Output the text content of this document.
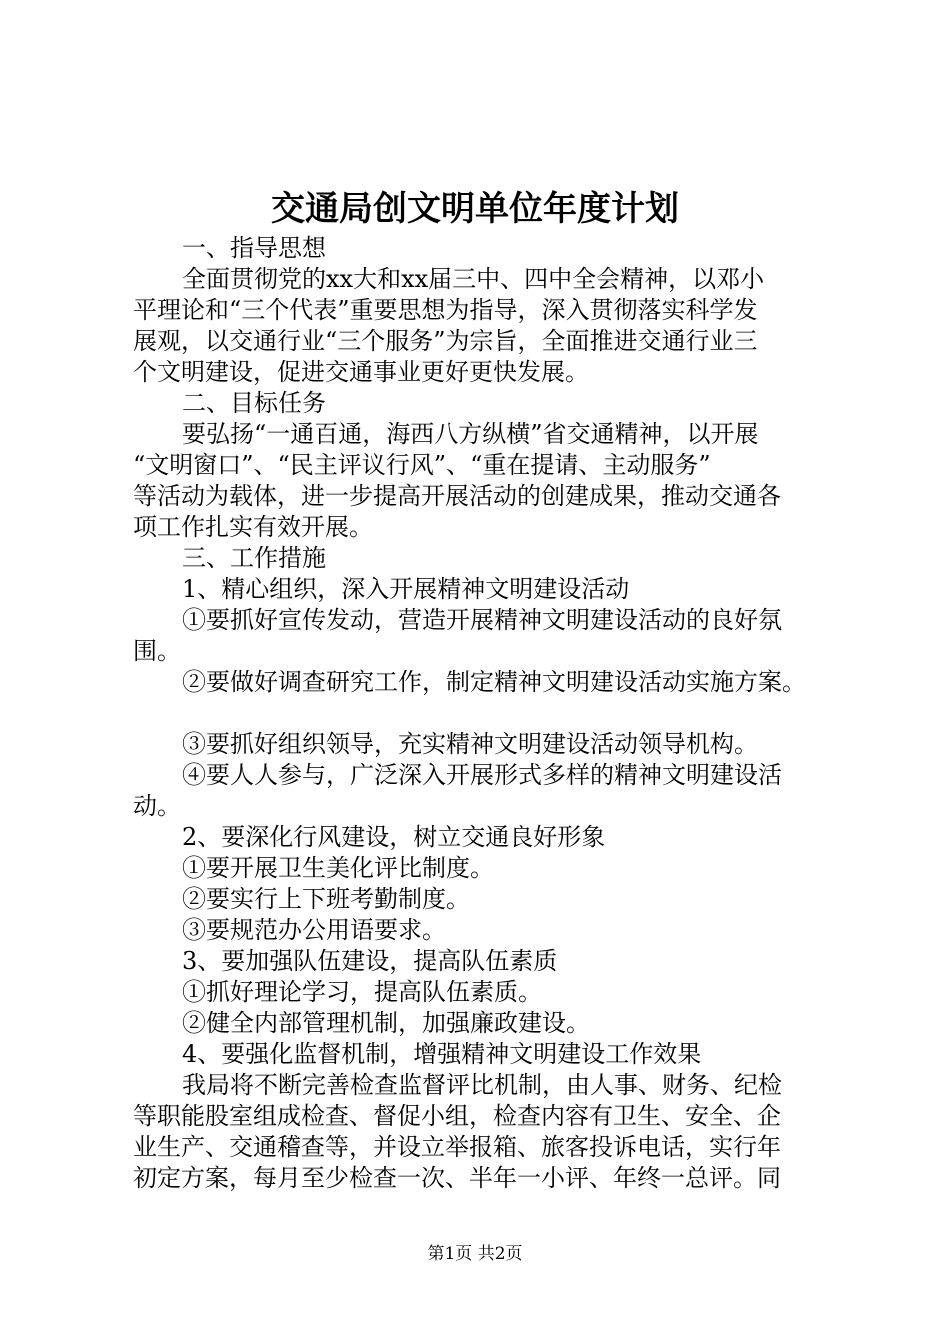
交通局创文明单位年度计划
一、指导思想
全面贯彻党的xx大和xx届三中、四中全会精神，以邓小
平理论和“三个代表”重要思想为指导，深入贯彻落实科学发
展观，以交通行业“三个服务”为宗旨，全面推进交通行业三
个文明建设，促进交通事业更好更快发展。
二、目标任务
要弘扬“一通百通，海西八方纵横”省交通精神，以开展
“文明窗口”、“民主评议行风”、“重在提请、主动服务”
等活动为载体，进一步提高开展活动的创建成果，推动交通各
项工作扎实有效开展。
三、工作措施
1、精心组织，深入开展精神文明建设活动
①要抓好宣传发动，营造开展精神文明建设活动的良好氛
围。
②要做好调查研究工作，制定精神文明建设活动实施方案。
③要抓好组织领导，充实精神文明建设活动领导机构。
④要人人参与，广泛深入开展形式多样的精神文明建设活
动。
2、要深化行风建设，树立交通良好形象
①要开展卫生美化评比制度。
②要实行上下班考勤制度。
③要规范办公用语要求。
3、要加强队伍建设，提高队伍素质
①抓好理论学习，提高队伍素质。
②健全内部管理机制，加强廉政建设。
4、要强化监督机制，增强精神文明建设工作效果
我局将不断完善检查监督评比机制，由人事、财务、纪检
等职能股室组成检查、督促小组，检查内容有卫生、安全、企
业生产、交通稽查等，并设立举报箱、旅客投诉电话，实行年
初定方案，每月至少检查一次、半年一小评、年终一总评。同
第1页 共2页
